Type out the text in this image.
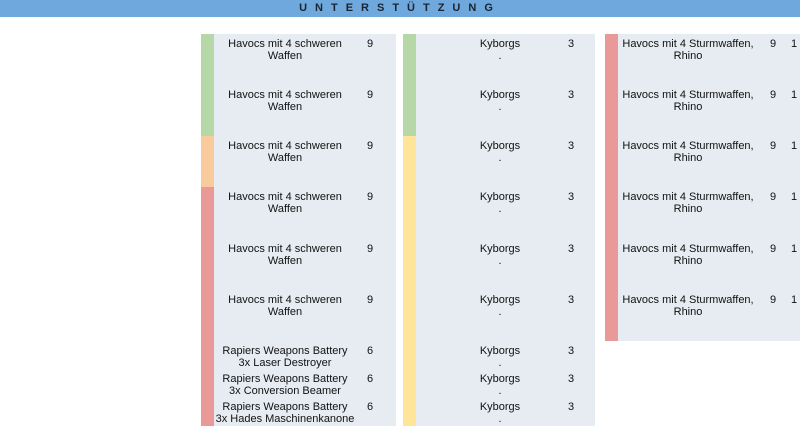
UNTERSTÜTZUNG
Havocs mit 4 schweren
Waffen
9
Havocs mit 4 schweren
Waffen
9
Havocs mit 4 schweren
Waffen
9
Havocs mit 4 schweren
Waffen
9
Havocs mit 4 schweren
Waffen
9
Havocs mit 4 schweren
Waffen
9
Rapiers Weapons Battery
3x Laser Destroyer
6
Rapiers Weapons Battery
3x Conversion Beamer
6
Rapiers Weapons Battery
3x Hades Maschinenkanone
6
Kyborgs
.
3
Kyborgs
.
3
Kyborgs
.
3
Kyborgs
.
3
Kyborgs
.
3
Kyborgs
.
3
Kyborgs
.
3
Kyborgs
.
3
Kyborgs
.
3
Havocs mit 4 Sturmwaffen,
Rhino
9 1
Havocs mit 4 Sturmwaffen,
Rhino
9 1
Havocs mit 4 Sturmwaffen,
Rhino
9 1
Havocs mit 4 Sturmwaffen,
Rhino
9 1
Havocs mit 4 Sturmwaffen,
Rhino
9 1
Havocs mit 4 Sturmwaffen,
Rhino
9 1
